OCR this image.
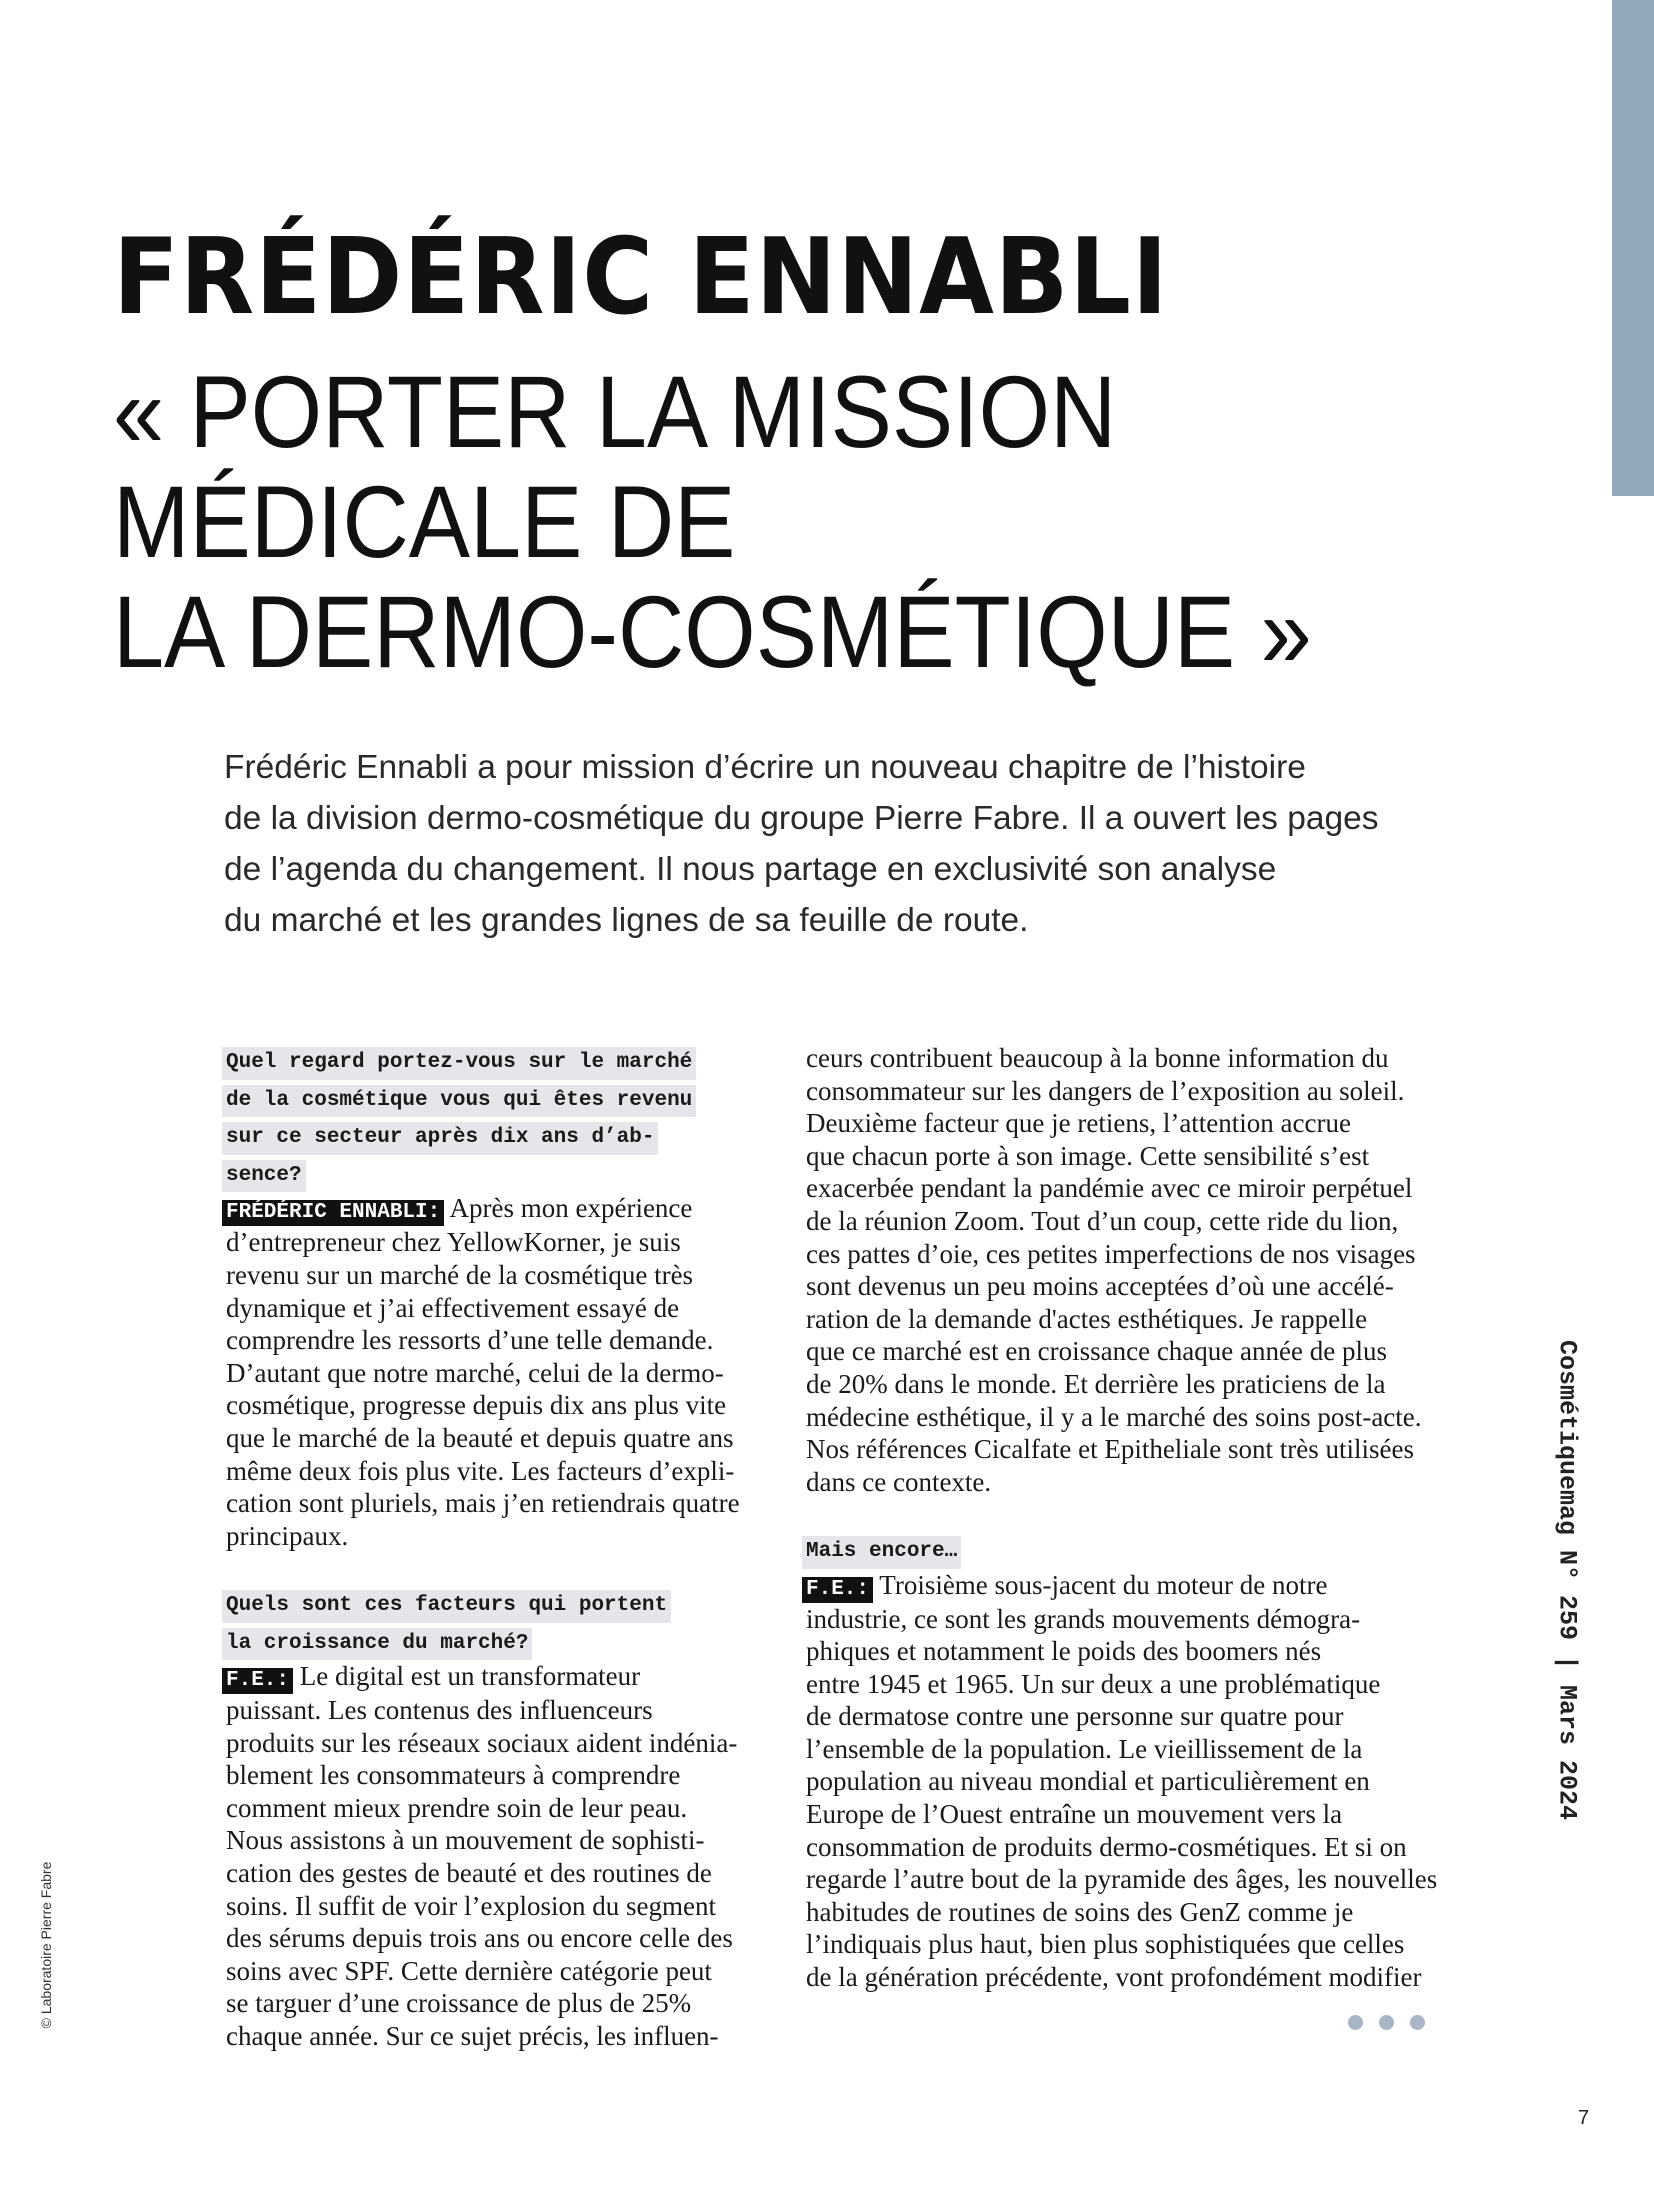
FRÉDÉRIC ENNABLI
« PORTER LA MISSION
MÉDICALE DE
LA DERMO-COSMÉTIQUE »

Frédéric Ennabli a pour mission d’écrire un nouveau chapitre de l’histoire
de la division dermo-cosmétique du groupe Pierre Fabre. Il a ouvert les pages
de l’agenda du changement. Il nous partage en exclusivité son analyse
du marché et les grandes lignes de sa feuille de route.

Quel regard portez-vous sur le marché
de la cosmétique vous qui êtes revenu
sur ce secteur après dix ans d’ab-
sence?
FRÉDÉRIC ENNABLI: Après mon expérience
d’entrepreneur chez YellowKorner, je suis
revenu sur un marché de la cosmétique très
dynamique et j’ai effectivement essayé de
comprendre les ressorts d’une telle demande.
D’autant que notre marché, celui de la dermo-
cosmétique, progresse depuis dix ans plus vite
que le marché de la beauté et depuis quatre ans
même deux fois plus vite. Les facteurs d’expli-
cation sont pluriels, mais j’en retiendrais quatre
principaux.
Quels sont ces facteurs qui portent
la croissance du marché?
F.E.: Le digital est un transformateur
puissant. Les contenus des influenceurs
produits sur les réseaux sociaux aident indénia-
blement les consommateurs à comprendre
comment mieux prendre soin de leur peau.
Nous assistons à un mouvement de sophisti-
cation des gestes de beauté et des routines de
soins. Il suffit de voir l’explosion du segment
des sérums depuis trois ans ou encore celle des
soins avec SPF. Cette dernière catégorie peut
se targuer d’une croissance de plus de 25%
chaque année. Sur ce sujet précis, les influen-
ceurs contribuent beaucoup à la bonne information du
consommateur sur les dangers de l’exposition au soleil.
Deuxième facteur que je retiens, l’attention accrue
que chacun porte à son image. Cette sensibilité s’est
exacerbée pendant la pandémie avec ce miroir perpétuel
de la réunion Zoom. Tout d’un coup, cette ride du lion,
ces pattes d’oie, ces petites imperfections de nos visages
sont devenus un peu moins acceptées d’où une accélé-
ration de la demande d'actes esthétiques. Je rappelle
que ce marché est en croissance chaque année de plus
de 20% dans le monde. Et derrière les praticiens de la
médecine esthétique, il y a le marché des soins post-acte.
Nos références Cicalfate et Epitheliale sont très utilisées
dans ce contexte.
Mais encore…
F.E.: Troisième sous-jacent du moteur de notre
industrie, ce sont les grands mouvements démogra-
phiques et notamment le poids des boomers nés
entre 1945 et 1965. Un sur deux a une problématique
de dermatose contre une personne sur quatre pour
l’ensemble de la population. Le vieillissement de la
population au niveau mondial et particulièrement en
Europe de l’Ouest entraîne un mouvement vers la
consommation de produits dermo-cosmétiques. Et si on
regarde l’autre bout de la pyramide des âges, les nouvelles
habitudes de routines de soins des GenZ comme je
l’indiquais plus haut, bien plus sophistiquées que celles
de la génération précédente, vont profondément modifier
Cosmétiquemag N° 259 | Mars 2024
© Laboratoire Pierre Fabre
7
